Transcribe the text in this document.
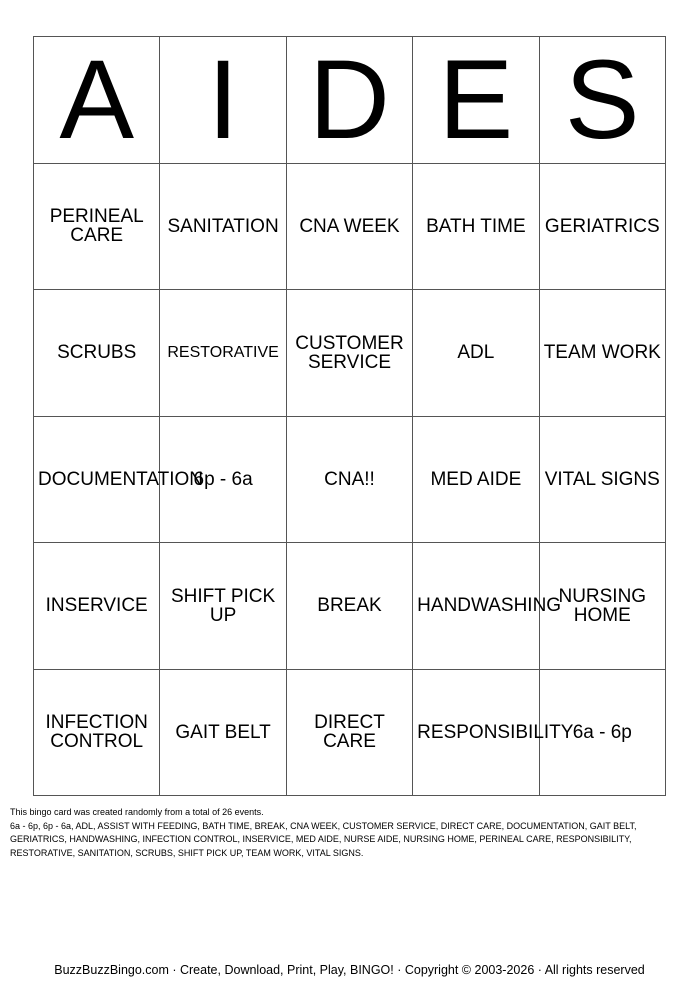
A	I	D	E	S
PERINEAL CARE	SANITATION	CNA WEEK	BATH TIME	GERIATRICS
SCRUBS	RESTORATIVE	CUSTOMER SERVICE	ADL	TEAM WORK
DOCUMENTATION	6p - 6a	CNA!!	MED AIDE	VITAL SIGNS
INSERVICE	SHIFT PICK UP	BREAK	HANDWASHING	NURSING HOME
INFECTION CONTROL	GAIT BELT	DIRECT CARE	RESPONSIBILITY	6a - 6p
This bingo card was created randomly from a total of 26 events.
6a - 6p, 6p - 6a, ADL, ASSIST WITH FEEDING, BATH TIME, BREAK, CNA WEEK, CUSTOMER SERVICE, DIRECT CARE, DOCUMENTATION, GAIT BELT, GERIATRICS, HANDWASHING, INFECTION CONTROL, INSERVICE, MED AIDE, NURSE AIDE, NURSING HOME, PERINEAL CARE, RESPONSIBILITY, RESTORATIVE, SANITATION, SCRUBS, SHIFT PICK UP, TEAM WORK, VITAL SIGNS.
BuzzBuzzBingo.com · Create, Download, Print, Play, BINGO! · Copyright © 2003-2026 · All rights reserved
